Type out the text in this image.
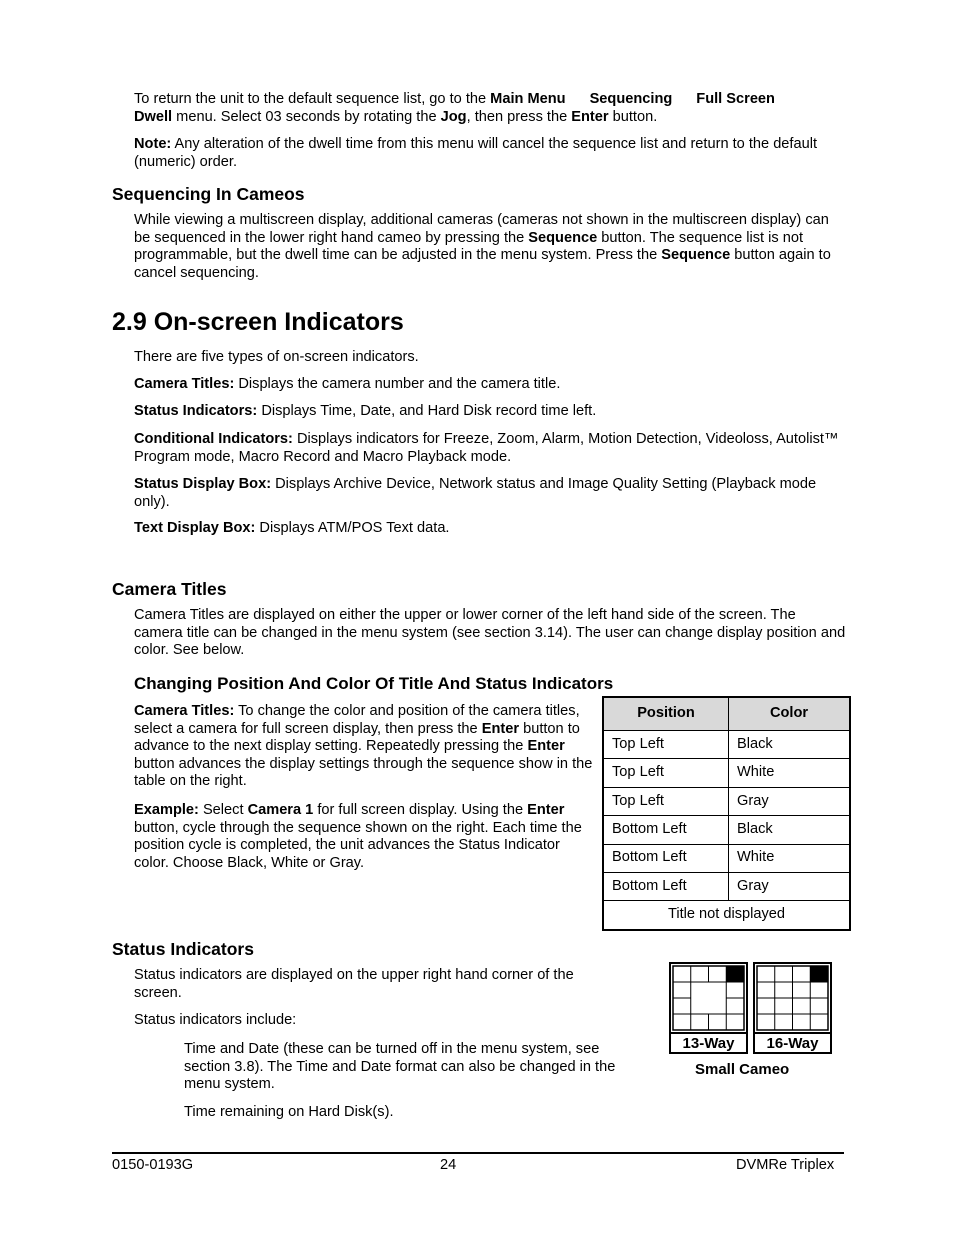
To return the unit to the default sequence list, go to the Main Menu Sequencing Full Screen
Dwell menu. Select 03 seconds by rotating the Jog, then press the Enter button.

Note: Any alteration of the dwell time from this menu will cancel the sequence list and return to the default (numeric) order.

Sequencing In Cameos

While viewing a multiscreen display, additional cameras (cameras not shown in the multiscreen display) can be sequenced in the lower right hand cameo by pressing the Sequence button. The sequence list is not programmable, but the dwell time can be adjusted in the menu system. Press the Sequence button again to cancel sequencing.

2.9 On-screen Indicators

There are five types of on-screen indicators.

Camera Titles: Displays the camera number and the camera title.

Status Indicators: Displays Time, Date, and Hard Disk record time left.

Conditional Indicators: Displays indicators for Freeze, Zoom, Alarm, Motion Detection, Videoloss, Autolist™ Program mode, Macro Record and Macro Playback mode.

Status Display Box: Displays Archive Device, Network status and Image Quality Setting (Playback mode only).

Text Display Box: Displays ATM/POS Text data.

Camera Titles

Camera Titles are displayed on either the upper or lower corner of the left hand side of the screen. The camera title can be changed in the menu system (see section 3.14). The user can change display position and color. See below.

Changing Position And Color Of Title And Status Indicators

Camera Titles: To change the color and position of the camera titles, select a camera for full screen display, then press the Enter button to advance to the next display setting. Repeatedly pressing the Enter button advances the display settings through the sequence show in the table on the right.

Example: Select Camera 1 for full screen display. Using the Enter button, cycle through the sequence shown on the right. Each time the position cycle is completed, the unit advances the Status Indicator color. Choose Black, White or Gray.

Position	Color
Top Left	Black
Top Left	White
Top Left	Gray
Bottom Left	Black
Bottom Left	White
Bottom Left	Gray
Title not displayed	
Status Indicators

Status indicators are displayed on the upper right hand corner of the screen.

Status indicators include:

Time and Date (these can be turned off in the menu system, see section 3.8). The Time and Date format can also be changed in the menu system.

Time remaining on Hard Disk(s).

13-Way 16-Way
Small Cameo
0150-0193G	24	DVMRe Triplex
